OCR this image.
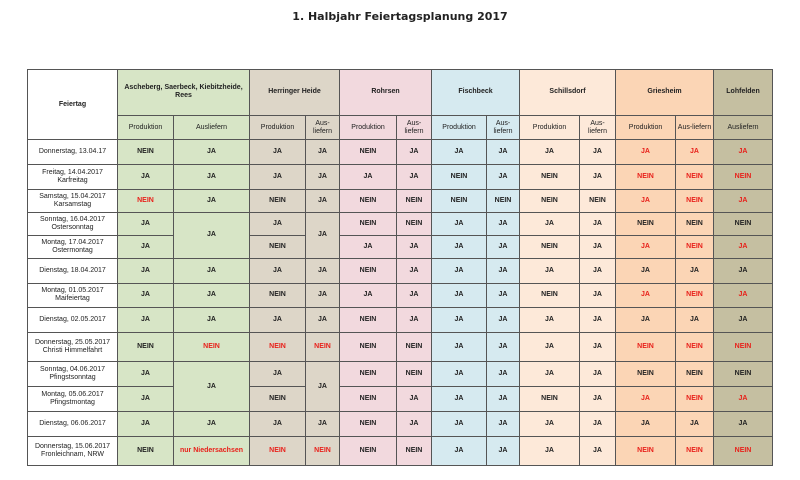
1. Halbjahr Feiertagsplanung 2017
Feiertag	Ascheberg, Saerbeck, Kiebitzheide, Rees		Herringer Heide		Rohrsen		Fischbeck		Schillsdorf		Griesheim		Lohfelden
	Produktion	Ausliefern	Produktion	Aus-liefern	Produktion	Aus-liefern	Produktion	Aus-liefern	Produktion	Aus-liefern	Produktion	Aus-liefern	Ausliefern
Donnerstag, 13.04.17	NEIN	JA	JA	JA	NEIN	JA	JA	JA	JA	JA	JA	JA	JA
Freitag, 14.04.2017
Karfreitag	JA	JA	JA	JA	JA	JA	NEIN	JA	NEIN	JA	NEIN	NEIN	NEIN
Samstag, 15.04.2017
Karsamstag	NEIN	JA	NEIN	JA	NEIN	NEIN	NEIN	NEIN	NEIN	NEIN	JA	NEIN	JA
Sonntag, 16.04.2017
Ostersonntag	JA	JA	JA	JA	NEIN	NEIN	JA	JA	JA	JA	NEIN	NEIN	NEIN
Montag, 17.04.2017
Ostermontag	JA		NEIN		JA	JA	JA	JA	NEIN	JA	JA	NEIN	JA
Dienstag, 18.04.2017	JA	JA	JA	JA	NEIN	JA	JA	JA	JA	JA	JA	JA	JA
Montag, 01.05.2017
Maifeiertag	JA	JA	NEIN	JA	JA	JA	JA	JA	NEIN	JA	JA	NEIN	JA
Dienstag, 02.05.2017	JA	JA	JA	JA	NEIN	JA	JA	JA	JA	JA	JA	JA	JA
Donnerstag, 25.05.2017
Christi Himmelfahrt	NEIN	NEIN	NEIN	NEIN	NEIN	NEIN	JA	JA	JA	JA	NEIN	NEIN	NEIN
Sonntag, 04.06.2017
Pfingstsonntag	JA	JA	JA	JA	NEIN	NEIN	JA	JA	JA	JA	NEIN	NEIN	NEIN
Montag, 05.06.2017
Pfingstmontag	JA		NEIN		NEIN	JA	JA	JA	NEIN	JA	JA	NEIN	JA
Dienstag, 06.06.2017	JA	JA	JA	JA	NEIN	JA	JA	JA	JA	JA	JA	JA	JA
Donnerstag, 15.06.2017
Fronleichnam, NRW	NEIN	nur Niedersachsen	NEIN	NEIN	NEIN	NEIN	JA	JA	JA	JA	NEIN	NEIN	NEIN
